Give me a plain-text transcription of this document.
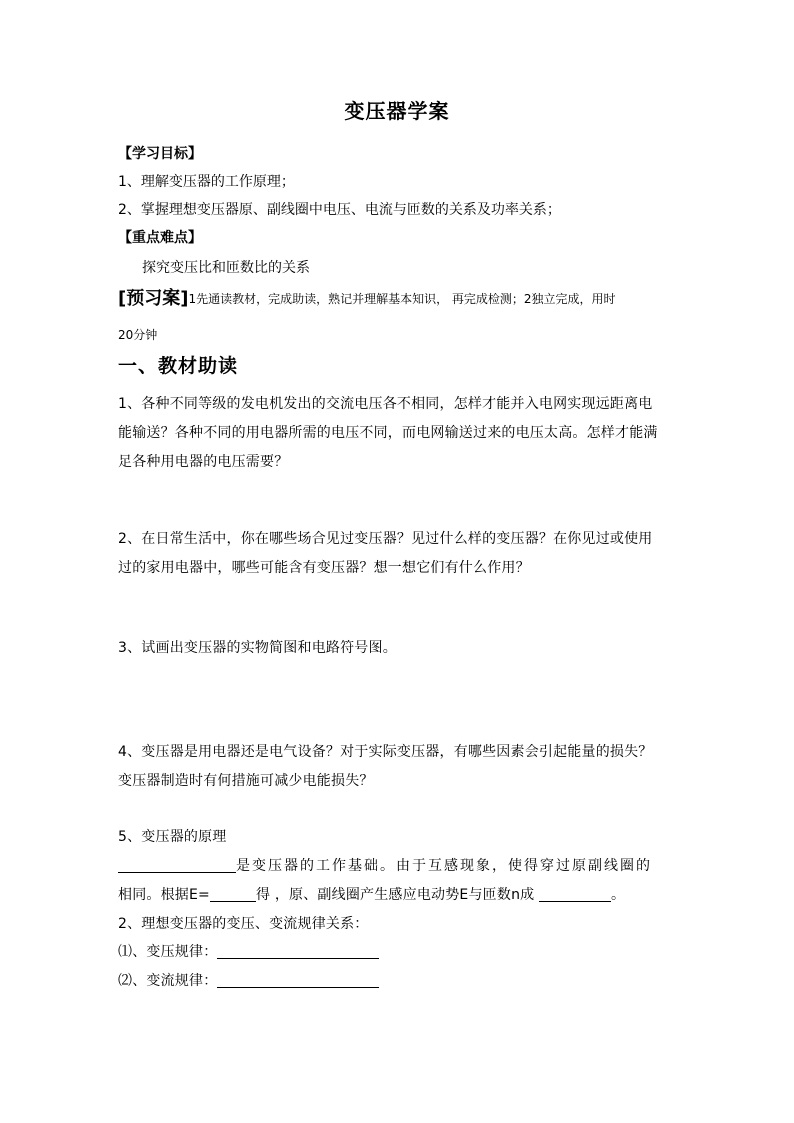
变压器学案
【学习目标】
1、理解变压器的工作原理；
2、掌握理想变压器原、副线圈中电压、电流与匝数的关系及功率关系；
【重点难点】
探究变压比和匝数比的关系
[预习案]1先通读教材，完成助读，熟记并理解基本知识， 再完成检测；2独立完成，用时
20分钟
一、教材助读
1、各种不同等级的发电机发出的交流电压各不相同，怎样才能并入电网实现远距离电
能输送？各种不同的用电器所需的电压不同，而电网输送过来的电压太高。怎样才能满
足各种用电器的电压需要？
2、在日常生活中，你在哪些场合见过变压器？见过什么样的变压器？在你见过或使用
过的家用电器中，哪些可能含有变压器？想一想它们有什么作用？
3、试画出变压器的实物简图和电路符号图。
4、变压器是用电器还是电气设备？对于实际变压器，有哪些因素会引起能量的损失？
变压器制造时有何措施可减少电能损失？
5、变压器的原理
是变压器的工作基础。由于互感现象，使得穿过原副线圈的
相同。根据E=	得 ，原、副线圈产生感应电动势E与匝数n成	。
2、理想变压器的变压、变流规律关系：
⑴、变压规律：
⑵、变流规律：
